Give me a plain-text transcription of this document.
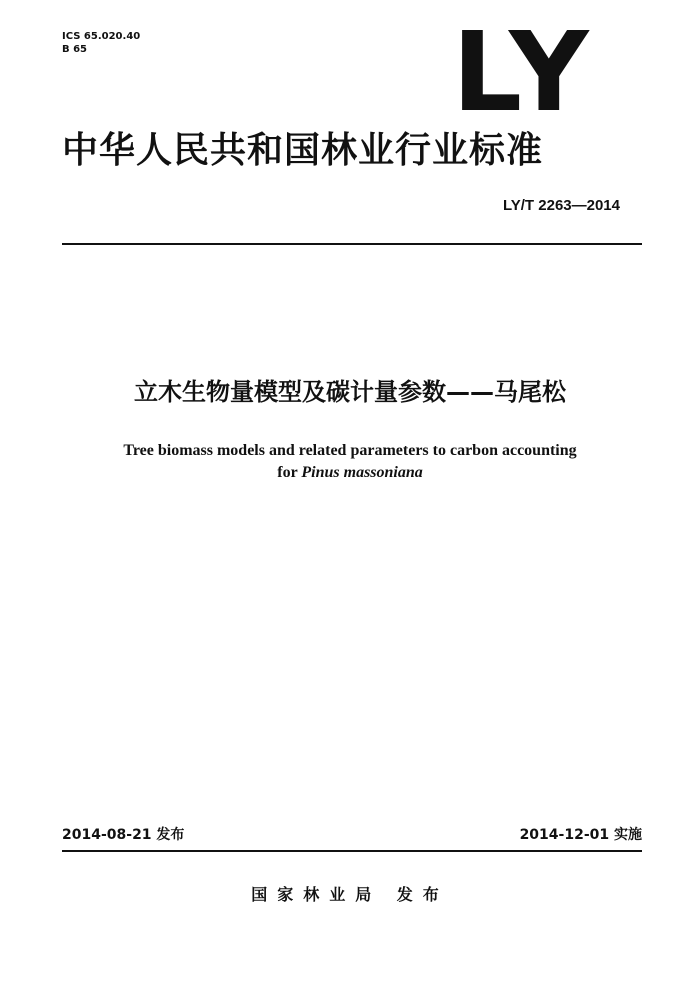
ICS 65.020.40
B 65	LY
中华人民共和国林业行业标准
LY/T 2263—2014
立木生物量模型及碳计量参数——马尾松
Tree biomass models and related parameters to carbon accounting
for Pinus massoniana
2014-08-21 发布	2014-12-01 实施
国家林业局 发布
